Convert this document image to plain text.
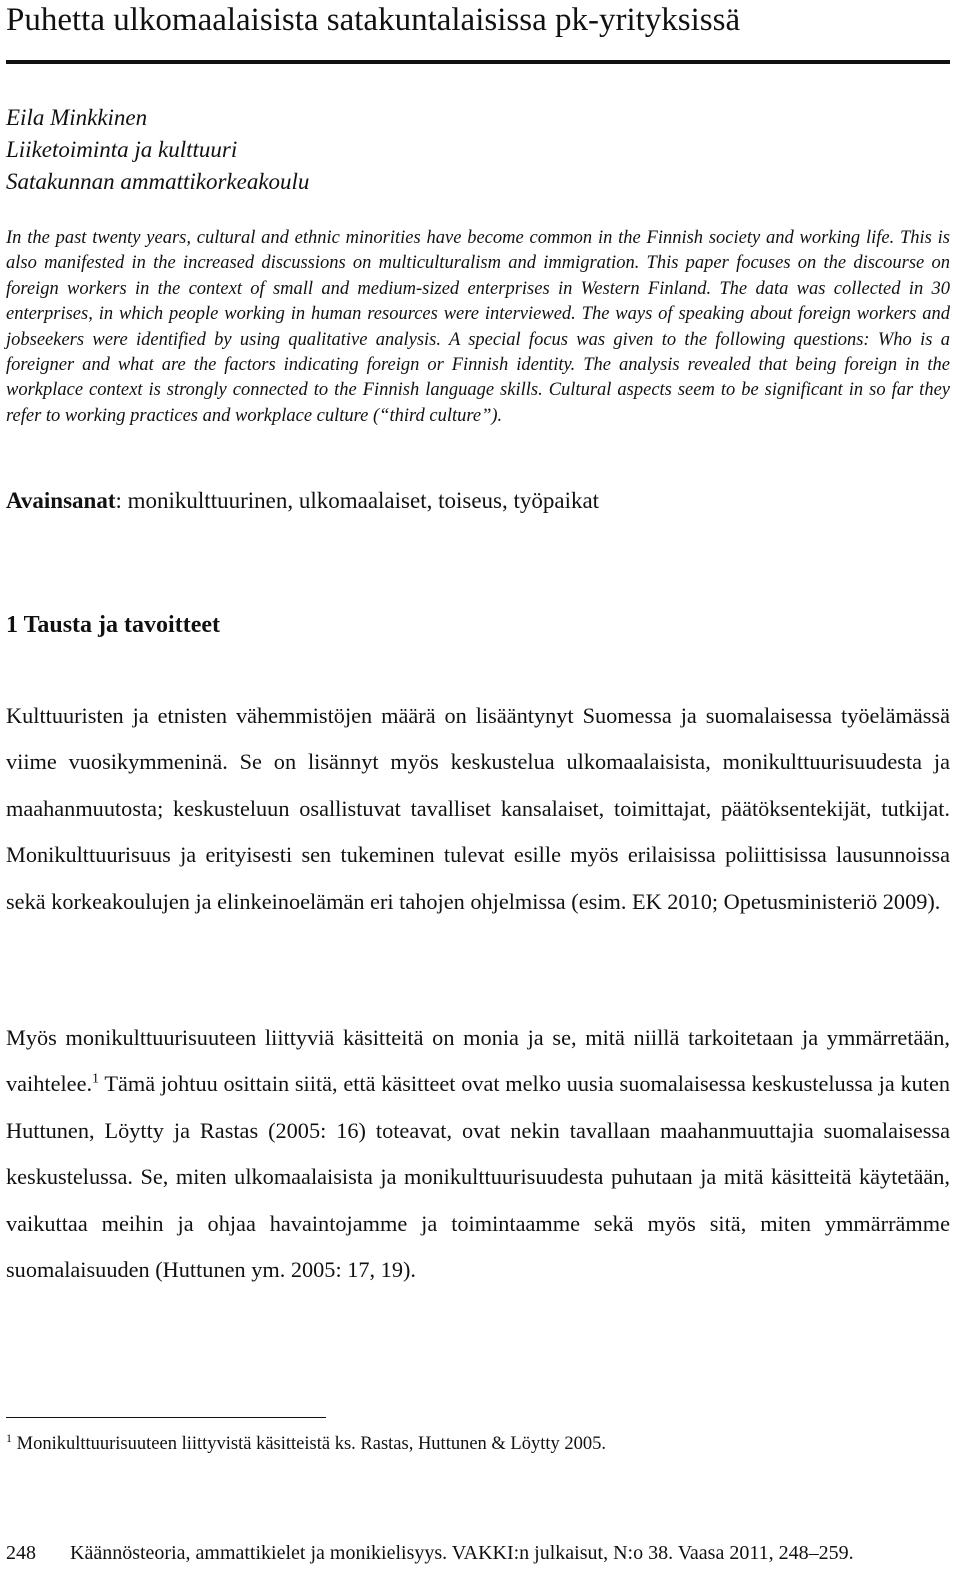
Puhetta ulkomaalaisista satakuntalaisissa pk-yrityksissä
Eila Minkkinen
Liiketoiminta ja kulttuuri
Satakunnan ammattikorkeakoulu

In the past twenty years, cultural and ethnic minorities have become common in the Finnish society and working life. This is also manifested in the increased discussions on multiculturalism and immigration. This paper focuses on the discourse on foreign workers in the context of small and medium-sized enterprises in Western Finland. The data was collected in 30 enterprises, in which people working in human resources were interviewed. The ways of speaking about foreign workers and jobseekers were identified by using qualitative analysis. A special focus was given to the following questions: Who is a foreigner and what are the factors indicating foreign or Finnish identity. The analysis revealed that being foreign in the workplace context is strongly connected to the Finnish language skills. Cultural aspects seem to be significant in so far they refer to working practices and workplace culture (“third culture”).

Avainsanat: monikulttuurinen, ulkomaalaiset, toiseus, työpaikat

1 Tausta ja tavoitteet

Kulttuuristen ja etnisten vähemmistöjen määrä on lisääntynyt Suomessa ja suomalaisessa työelämässä viime vuosikymmeninä. Se on lisännyt myös keskustelua ulkomaalaisista, monikulttuurisuudesta ja maahanmuutosta; keskusteluun osallistuvat tavalliset kansalaiset, toimittajat, päätöksentekijät, tutkijat. Monikulttuurisuus ja erityisesti sen tukeminen tulevat esille myös erilaisissa poliittisissa lausunnoissa sekä korkeakoulujen ja elinkeinoelämän eri tahojen ohjelmissa (esim. EK 2010; Opetusministeriö 2009).

Myös monikulttuurisuuteen liittyviä käsitteitä on monia ja se, mitä niillä tarkoitetaan ja ymmärretään, vaihtelee.$^1$ Tämä johtuu osittain siitä, että käsitteet ovat melko uusia suomalaisessa keskustelussa ja kuten Huttunen, Löytty ja Rastas (2005: 16) toteavat, ovat nekin tavallaan maahanmuuttajia suomalaisessa keskustelussa. Se, miten ulkomaalaisista ja monikulttuurisuudesta puhutaan ja mitä käsitteitä käytetään, vaikuttaa meihin ja ohjaa havaintojamme ja toimintaamme sekä myös sitä, miten ymmärrämme suomalaisuuden (Huttunen ym. 2005: 17, 19).

$^1$ Monikulttuurisuuteen liittyvistä käsitteistä ks. Rastas, Huttunen & Löytty 2005.

248 Käännösteoria, ammattikielet ja monikielisyys. VAKKI:n julkaisut, N:o 38. Vaasa 2011, 248–259.
